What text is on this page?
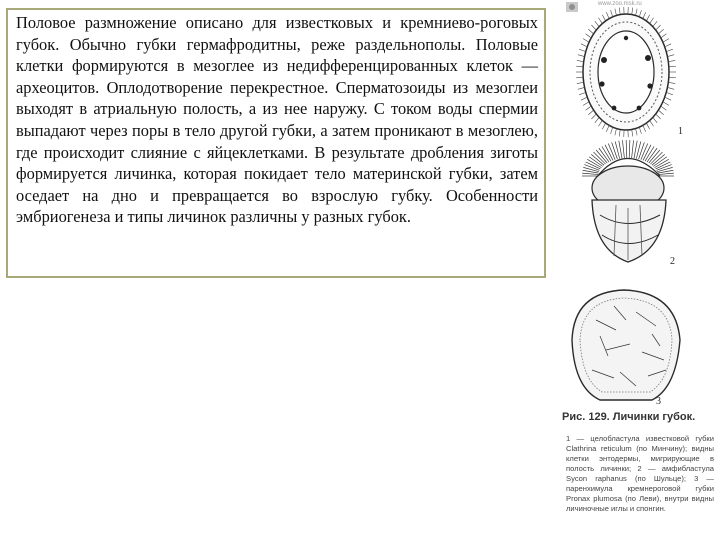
Половое размножение описано для известковых и кремниево-роговых губок. Обычно губки гермафродитны, реже раздельнополы. Половые клетки формируются в мезоглее из недифференцированных клеток — археоцитов. Оплодотворение перекрестное. Сперматозоиды из мезоглеи выходят в атриальную полость, а из нее наружу. С током воды спермии выпадают через поры в тело другой губки, а затем проникают в мезоглею, где происходит слияние с яйцеклетками. В результате дробления зиготы формируется личинка, которая покидает тело материнской губки, затем оседает на дно и превращается во взрослую губку. Особенности эмбриогенеза и типы личинок различны у разных губок.

www.zoo.msk.ru
1
2
3
Рис. 129. Личинки губок.
1 — целобластула известковой губки Clathrina reticulum (по Минчину); видны клетки энтодермы, мигрирующие в полость личинки; 2 — амфибластула Sycon raphanus (по Шульце); 3 — паренхимула кремнероговой губки Pronax plumosa (по Леви), внутри видны личиночные иглы и спонгин.
